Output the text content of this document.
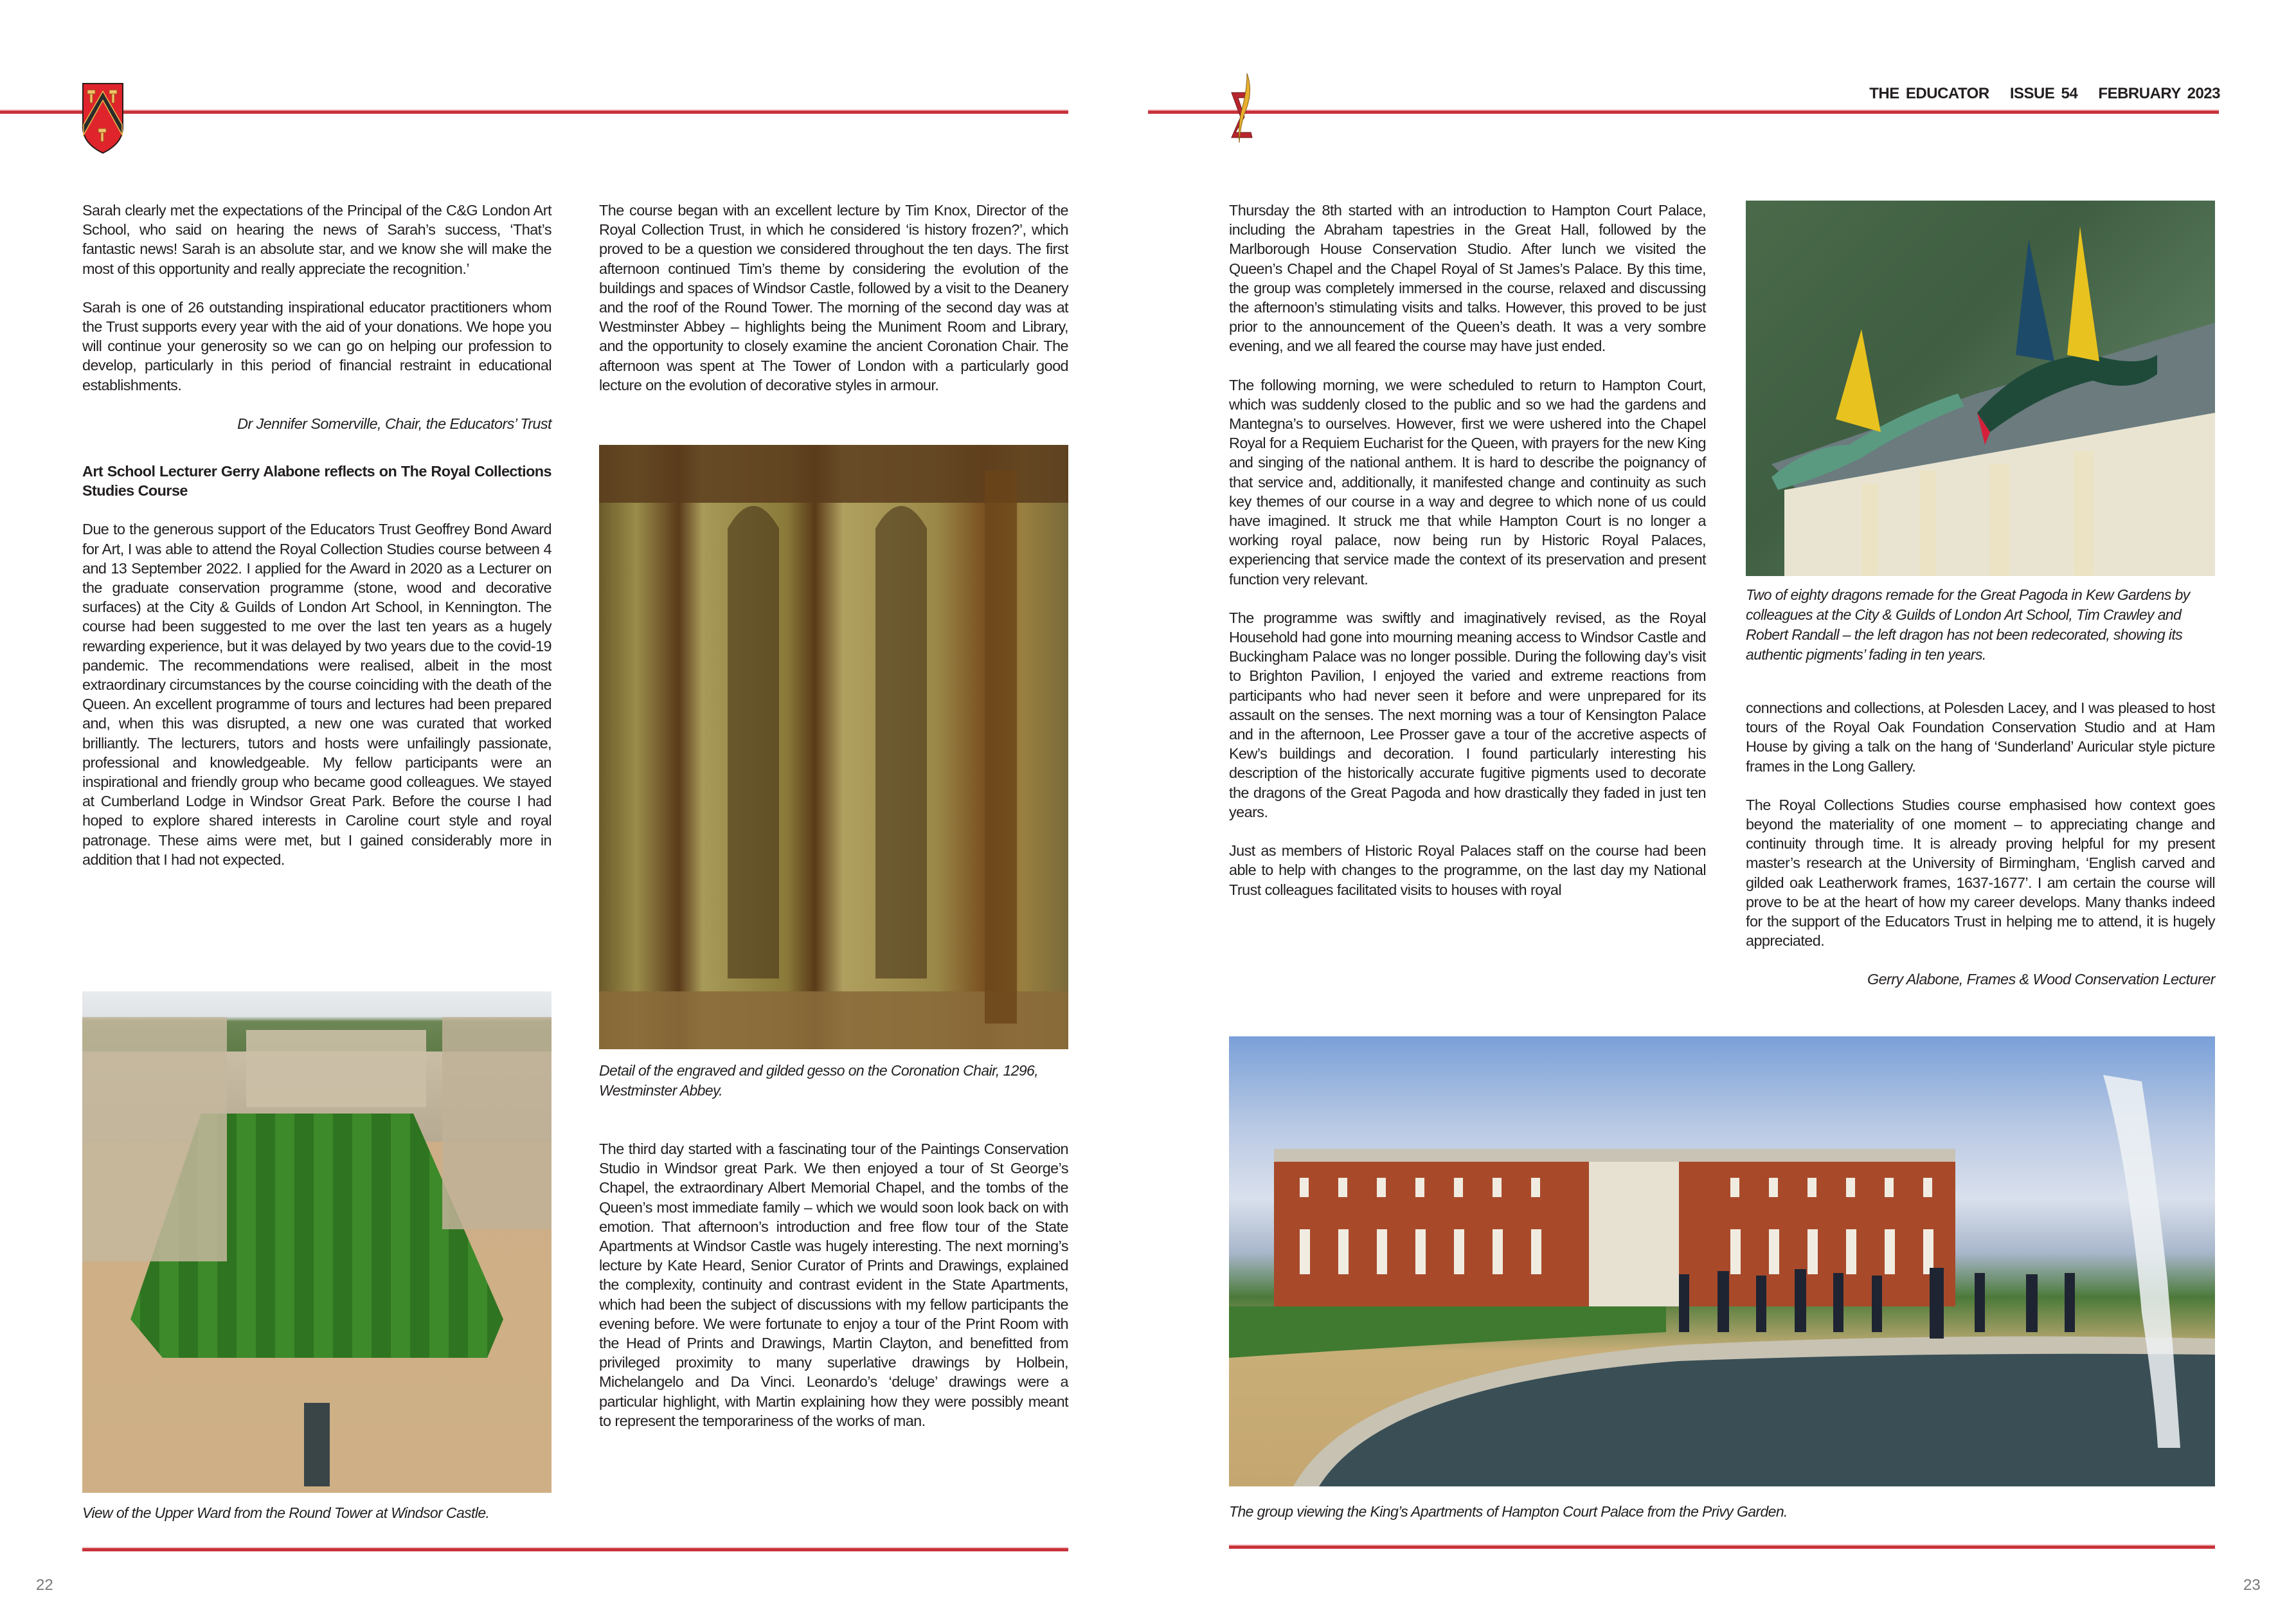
THE EDUCATOR ISSUE 54 FEBRUARY 2023

Sarah clearly met the expectations of the Principal of the C&G London Art School, who said on hearing the news of Sarah’s success, ‘That’s fantastic news! Sarah is an absolute star, and we know she will make the most of this opportunity and really appreciate the recognition.’

Sarah is one of 26 outstanding inspirational educator practitioners whom the Trust supports every year with the aid of your donations. We hope you will continue your generosity so we can go on helping our profession to develop, particularly in this period of financial restraint in educational establishments.

Dr Jennifer Somerville, Chair, the Educators’ Trust

Art School Lecturer Gerry Alabone reflects on The Royal Collections Studies Course

Due to the generous support of the Educators Trust Geoffrey Bond Award for Art, I was able to attend the Royal Collection Studies course between 4 and 13 September 2022. I applied for the Award in 2020 as a Lecturer on the graduate conservation programme (stone, wood and decorative surfaces) at the City & Guilds of London Art School, in Kennington. The course had been suggested to me over the last ten years as a hugely rewarding experience, but it was delayed by two years due to the covid-19 pandemic. The recommendations were realised, albeit in the most extraordinary circumstances by the course coinciding with the death of the Queen. An excellent programme of tours and lectures had been prepared and, when this was disrupted, a new one was curated that worked brilliantly. The lecturers, tutors and hosts were unfailingly passionate, professional and knowledgeable. My fellow participants were an inspirational and friendly group who became good colleagues. We stayed at Cumberland Lodge in Windsor Great Park. Before the course I had hoped to explore shared interests in Caroline court style and royal patronage. These aims were met, but I gained considerably more in addition that I had not expected.

View of the Upper Ward from the Round Tower at Windsor Castle.

The course began with an excellent lecture by Tim Knox, Director of the Royal Collection Trust, in which he considered ‘is history frozen?’, which proved to be a question we considered throughout the ten days. The first afternoon continued Tim’s theme by considering the evolution of the buildings and spaces of Windsor Castle, followed by a visit to the Deanery and the roof of the Round Tower. The morning of the second day was at Westminster Abbey – highlights being the Muniment Room and Library, and the opportunity to closely examine the ancient Coronation Chair. The afternoon was spent at The Tower of London with a particularly good lecture on the evolution of decorative styles in armour.

Detail of the engraved and gilded gesso on the Coronation Chair, 1296, Westminster Abbey.

The third day started with a fascinating tour of the Paintings Conservation Studio in Windsor great Park. We then enjoyed a tour of St George’s Chapel, the extraordinary Albert Memorial Chapel, and the tombs of the Queen’s most immediate family – which we would soon look back on with emotion. That afternoon’s introduction and free flow tour of the State Apartments at Windsor Castle was hugely interesting. The next morning’s lecture by Kate Heard, Senior Curator of Prints and Drawings, explained the complexity, continuity and contrast evident in the State Apartments, which had been the subject of discussions with my fellow participants the evening before. We were fortunate to enjoy a tour of the Print Room with the Head of Prints and Drawings, Martin Clayton, and benefitted from privileged proximity to many superlative drawings by Holbein, Michelangelo and Da Vinci. Leonardo’s ‘deluge’ drawings were a particular highlight, with Martin explaining how they were possibly meant to represent the temporariness of the works of man.

Thursday the 8th started with an introduction to Hampton Court Palace, including the Abraham tapestries in the Great Hall, followed by the Marlborough House Conservation Studio. After lunch we visited the Queen’s Chapel and the Chapel Royal of St James’s Palace. By this time, the group was completely immersed in the course, relaxed and discussing the afternoon’s stimulating visits and talks. However, this proved to be just prior to the announcement of the Queen’s death. It was a very sombre evening, and we all feared the course may have just ended.

The following morning, we were scheduled to return to Hampton Court, which was suddenly closed to the public and so we had the gardens and Mantegna’s to ourselves. However, first we were ushered into the Chapel Royal for a Requiem Eucharist for the Queen, with prayers for the new King and singing of the national anthem. It is hard to describe the poignancy of that service and, additionally, it manifested change and continuity as such key themes of our course in a way and degree to which none of us could have imagined. It struck me that while Hampton Court is no longer a working royal palace, now being run by Historic Royal Palaces, experiencing that service made the context of its preservation and present function very relevant.

The programme was swiftly and imaginatively revised, as the Royal Household had gone into mourning meaning access to Windsor Castle and Buckingham Palace was no longer possible. During the following day’s visit to Brighton Pavilion, I enjoyed the varied and extreme reactions from participants who had never seen it before and were unprepared for its assault on the senses. The next morning was a tour of Kensington Palace and in the afternoon, Lee Prosser gave a tour of the accretive aspects of Kew’s buildings and decoration. I found particularly interesting his description of the historically accurate fugitive pigments used to decorate the dragons of the Great Pagoda and how drastically they faded in just ten years.

Just as members of Historic Royal Palaces staff on the course had been able to help with changes to the programme, on the last day my National Trust colleagues facilitated visits to houses with royal

Two of eighty dragons remade for the Great Pagoda in Kew Gardens by colleagues at the City & Guilds of London Art School, Tim Crawley and Robert Randall – the left dragon has not been redecorated, showing its authentic pigments’ fading in ten years.

connections and collections, at Polesden Lacey, and I was pleased to host tours of the Royal Oak Foundation Conservation Studio and at Ham House by giving a talk on the hang of ‘Sunderland’ Auricular style picture frames in the Long Gallery.

The Royal Collections Studies course emphasised how context goes beyond the materiality of one moment – to appreciating change and continuity through time. It is already proving helpful for my present master’s research at the University of Birmingham, ‘English carved and gilded oak Leatherwork frames, 1637-1677’. I am certain the course will prove to be at the heart of how my career develops. Many thanks indeed for the support of the Educators Trust in helping me to attend, it is hugely appreciated.

Gerry Alabone, Frames & Wood Conservation Lecturer

The group viewing the King’s Apartments of Hampton Court Palace from the Privy Garden.
22	23
